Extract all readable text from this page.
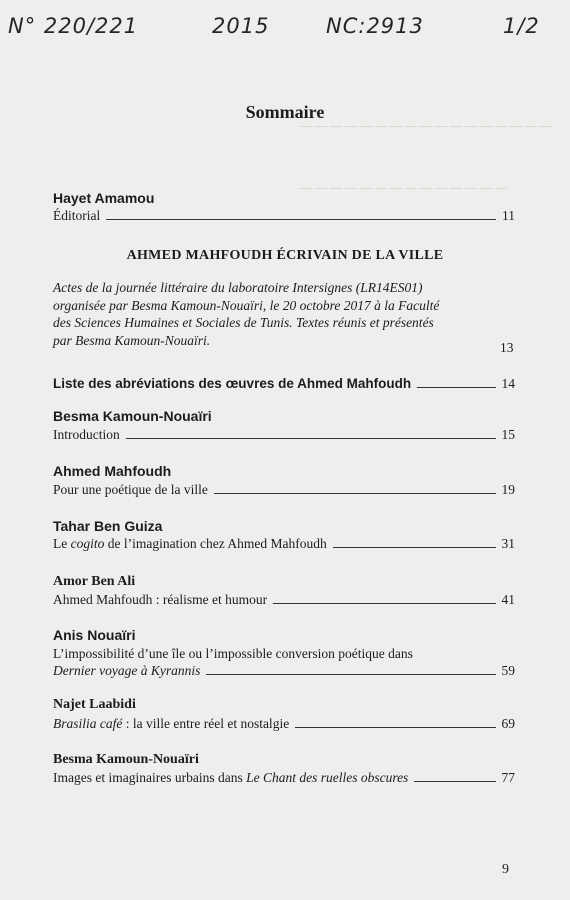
N° 220/221	2015	NC:2913	1/2
— — — — — — — — — — — — — — — — —
— — — — — — — — — — — — — —
Sommaire
Hayet Amamou
Éditorial	11
AHMED MAHFOUDH ÉCRIVAIN DE LA VILLE
Actes de la journée littéraire du laboratoire Intersignes (LR14ES01)
organisée par Besma Kamoun-Nouaïri, le 20 octobre 2017 à la Faculté
des Sciences Humaines et Sociales de Tunis. Textes réunis et présentés
par Besma Kamoun-Nouaïri.	13
Liste des abréviations des œuvres de Ahmed Mahfoudh	14
Besma Kamoun-Nouaïri
Introduction	15
Ahmed Mahfoudh
Pour une poétique de la ville	19
Tahar Ben Guiza
Le cogito de l’imagination chez Ahmed Mahfoudh	31
Amor Ben Ali
Ahmed Mahfoudh : réalisme et humour	41
Anis Nouaïri
L’impossibilité d’une île ou l’impossible conversion poétique dans
Dernier voyage à Kyrannis	59
Najet Laabidi
Brasilia café : la ville entre réel et nostalgie	69
Besma Kamoun-Nouaïri
Images et imaginaires urbains dans Le Chant des ruelles obscures	77
9
